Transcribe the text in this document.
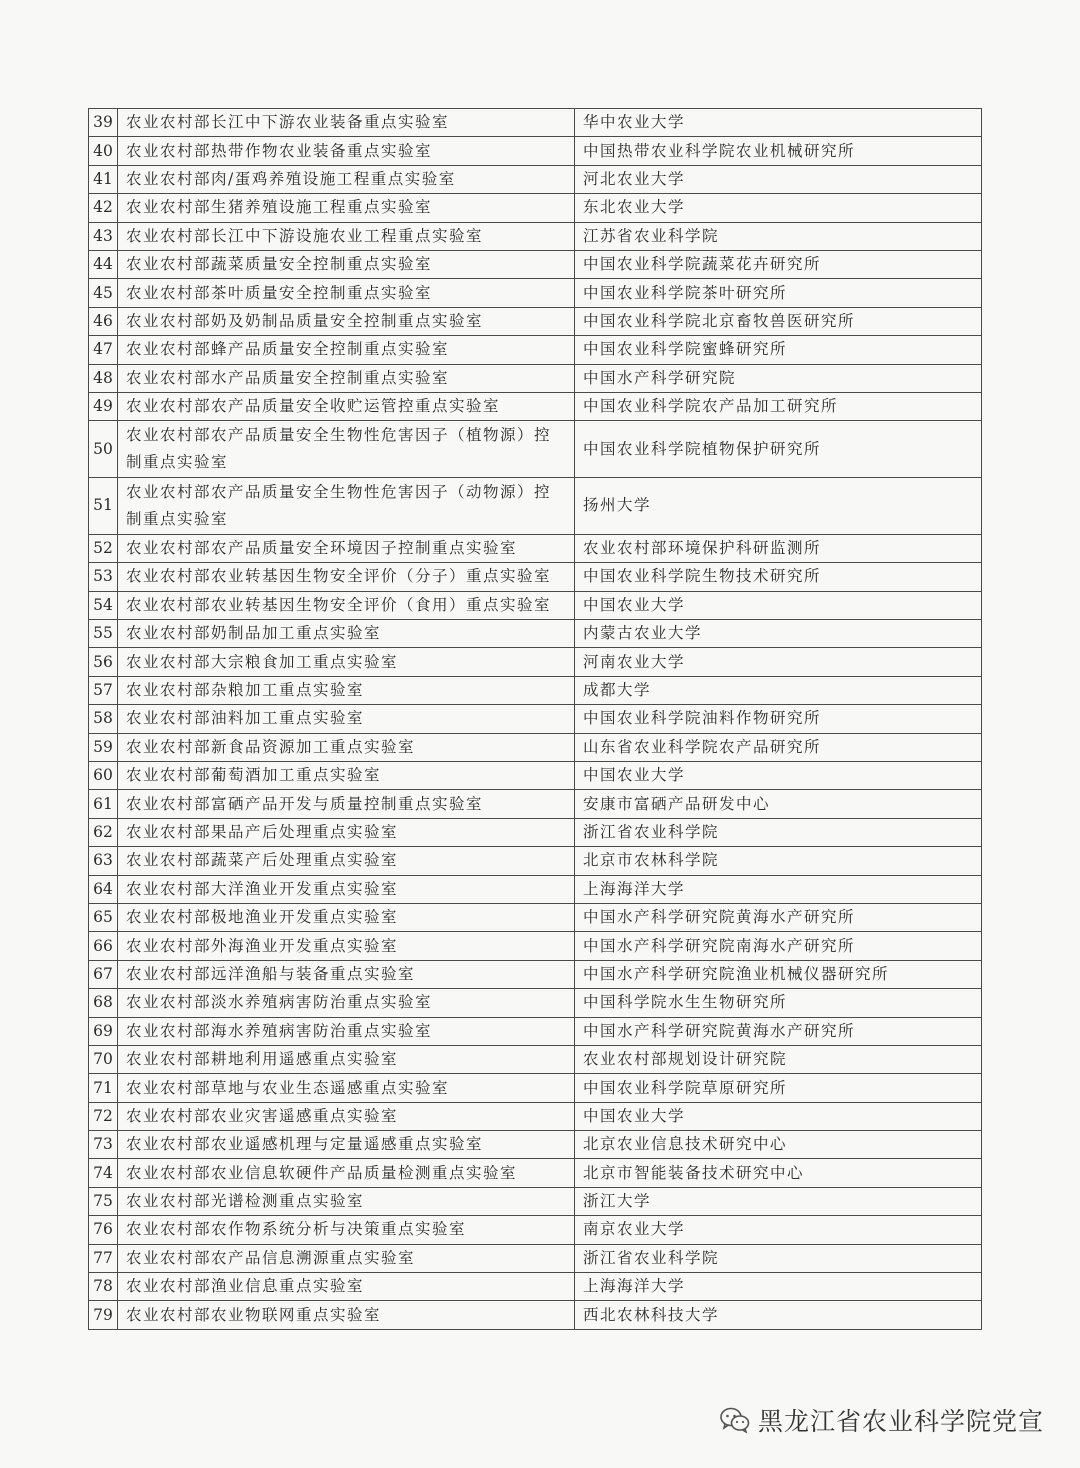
39	农业农村部长江中下游农业装备重点实验室	华中农业大学
40	农业农村部热带作物农业装备重点实验室	中国热带农业科学院农业机械研究所
41	农业农村部肉/蛋鸡养殖设施工程重点实验室	河北农业大学
42	农业农村部生猪养殖设施工程重点实验室	东北农业大学
43	农业农村部长江中下游设施农业工程重点实验室	江苏省农业科学院
44	农业农村部蔬菜质量安全控制重点实验室	中国农业科学院蔬菜花卉研究所
45	农业农村部茶叶质量安全控制重点实验室	中国农业科学院茶叶研究所
46	农业农村部奶及奶制品质量安全控制重点实验室	中国农业科学院北京畜牧兽医研究所
47	农业农村部蜂产品质量安全控制重点实验室	中国农业科学院蜜蜂研究所
48	农业农村部水产品质量安全控制重点实验室	中国水产科学研究院
49	农业农村部农产品质量安全收贮运管控重点实验室	中国农业科学院农产品加工研究所
50	农业农村部农产品质量安全生物性危害因子（植物源）控制重点实验室	中国农业科学院植物保护研究所
51	农业农村部农产品质量安全生物性危害因子（动物源）控制重点实验室	扬州大学
52	农业农村部农产品质量安全环境因子控制重点实验室	农业农村部环境保护科研监测所
53	农业农村部农业转基因生物安全评价（分子）重点实验室	中国农业科学院生物技术研究所
54	农业农村部农业转基因生物安全评价（食用）重点实验室	中国农业大学
55	农业农村部奶制品加工重点实验室	内蒙古农业大学
56	农业农村部大宗粮食加工重点实验室	河南农业大学
57	农业农村部杂粮加工重点实验室	成都大学
58	农业农村部油料加工重点实验室	中国农业科学院油料作物研究所
59	农业农村部新食品资源加工重点实验室	山东省农业科学院农产品研究所
60	农业农村部葡萄酒加工重点实验室	中国农业大学
61	农业农村部富硒产品开发与质量控制重点实验室	安康市富硒产品研发中心
62	农业农村部果品产后处理重点实验室	浙江省农业科学院
63	农业农村部蔬菜产后处理重点实验室	北京市农林科学院
64	农业农村部大洋渔业开发重点实验室	上海海洋大学
65	农业农村部极地渔业开发重点实验室	中国水产科学研究院黄海水产研究所
66	农业农村部外海渔业开发重点实验室	中国水产科学研究院南海水产研究所
67	农业农村部远洋渔船与装备重点实验室	中国水产科学研究院渔业机械仪器研究所
68	农业农村部淡水养殖病害防治重点实验室	中国科学院水生生物研究所
69	农业农村部海水养殖病害防治重点实验室	中国水产科学研究院黄海水产研究所
70	农业农村部耕地利用遥感重点实验室	农业农村部规划设计研究院
71	农业农村部草地与农业生态遥感重点实验室	中国农业科学院草原研究所
72	农业农村部农业灾害遥感重点实验室	中国农业大学
73	农业农村部农业遥感机理与定量遥感重点实验室	北京农业信息技术研究中心
74	农业农村部农业信息软硬件产品质量检测重点实验室	北京市智能装备技术研究中心
75	农业农村部光谱检测重点实验室	浙江大学
76	农业农村部农作物系统分析与决策重点实验室	南京农业大学
77	农业农村部农产品信息溯源重点实验室	浙江省农业科学院
78	农业农村部渔业信息重点实验室	上海海洋大学
79	农业农村部农业物联网重点实验室	西北农林科技大学
黑龙江省农业科学院党宣
